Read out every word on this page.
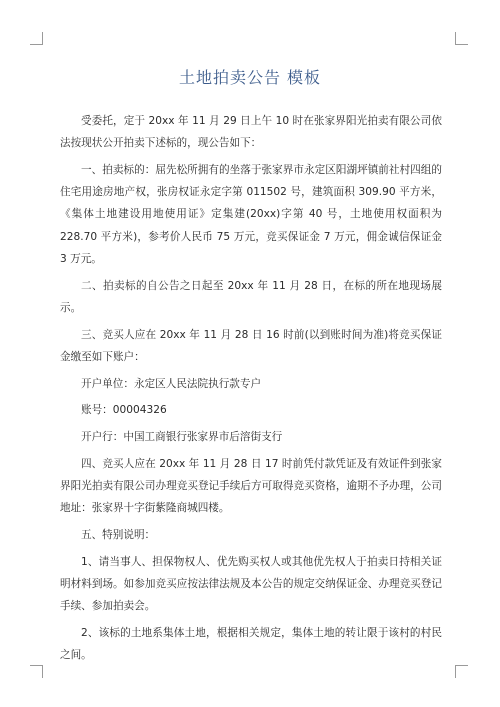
土地拍卖公告 模板

受委托，定于 20xx 年 11 月 29 日上午 10 时在张家界阳光拍卖有限公司依法按现状公开拍卖下述标的，现公告如下：

一、拍卖标的：屈先松所拥有的坐落于张家界市永定区阳湖坪镇前社村四组的住宅用途房地产权，张房权证永定字第 011502 号，建筑面积 309.90 平方米，《集体土地建设用地使用证》定集建(20xx)字第 40 号，土地使用权面积为 228.70 平方米)，参考价人民币 75 万元，竞买保证金 7 万元，佣金诚信保证金 3 万元。

二、拍卖标的自公告之日起至 20xx 年 11 月 28 日，在标的所在地现场展示。

三、竞买人应在 20xx 年 11 月 28 日 16 时前(以到账时间为准)将竞买保证金缴至如下账户：

开户单位：永定区人民法院执行款专户

账号：00004326

开户行：中国工商银行张家界市后溶街支行

四、竞买人应在 20xx 年 11 月 28 日 17 时前凭付款凭证及有效证件到张家界阳光拍卖有限公司办理竞买登记手续后方可取得竞买资格，逾期不予办理，公司地址：张家界十字街紫隆商城四楼。

五、特别说明：

1、请当事人、担保物权人、优先购买权人或其他优先权人于拍卖日持相关证明材料到场。如参加竞买应按法律法规及本公告的规定交纳保证金、办理竞买登记手续、参加拍卖会。

2、该标的土地系集体土地，根据相关规定，集体土地的转让限于该村的村民之间。
